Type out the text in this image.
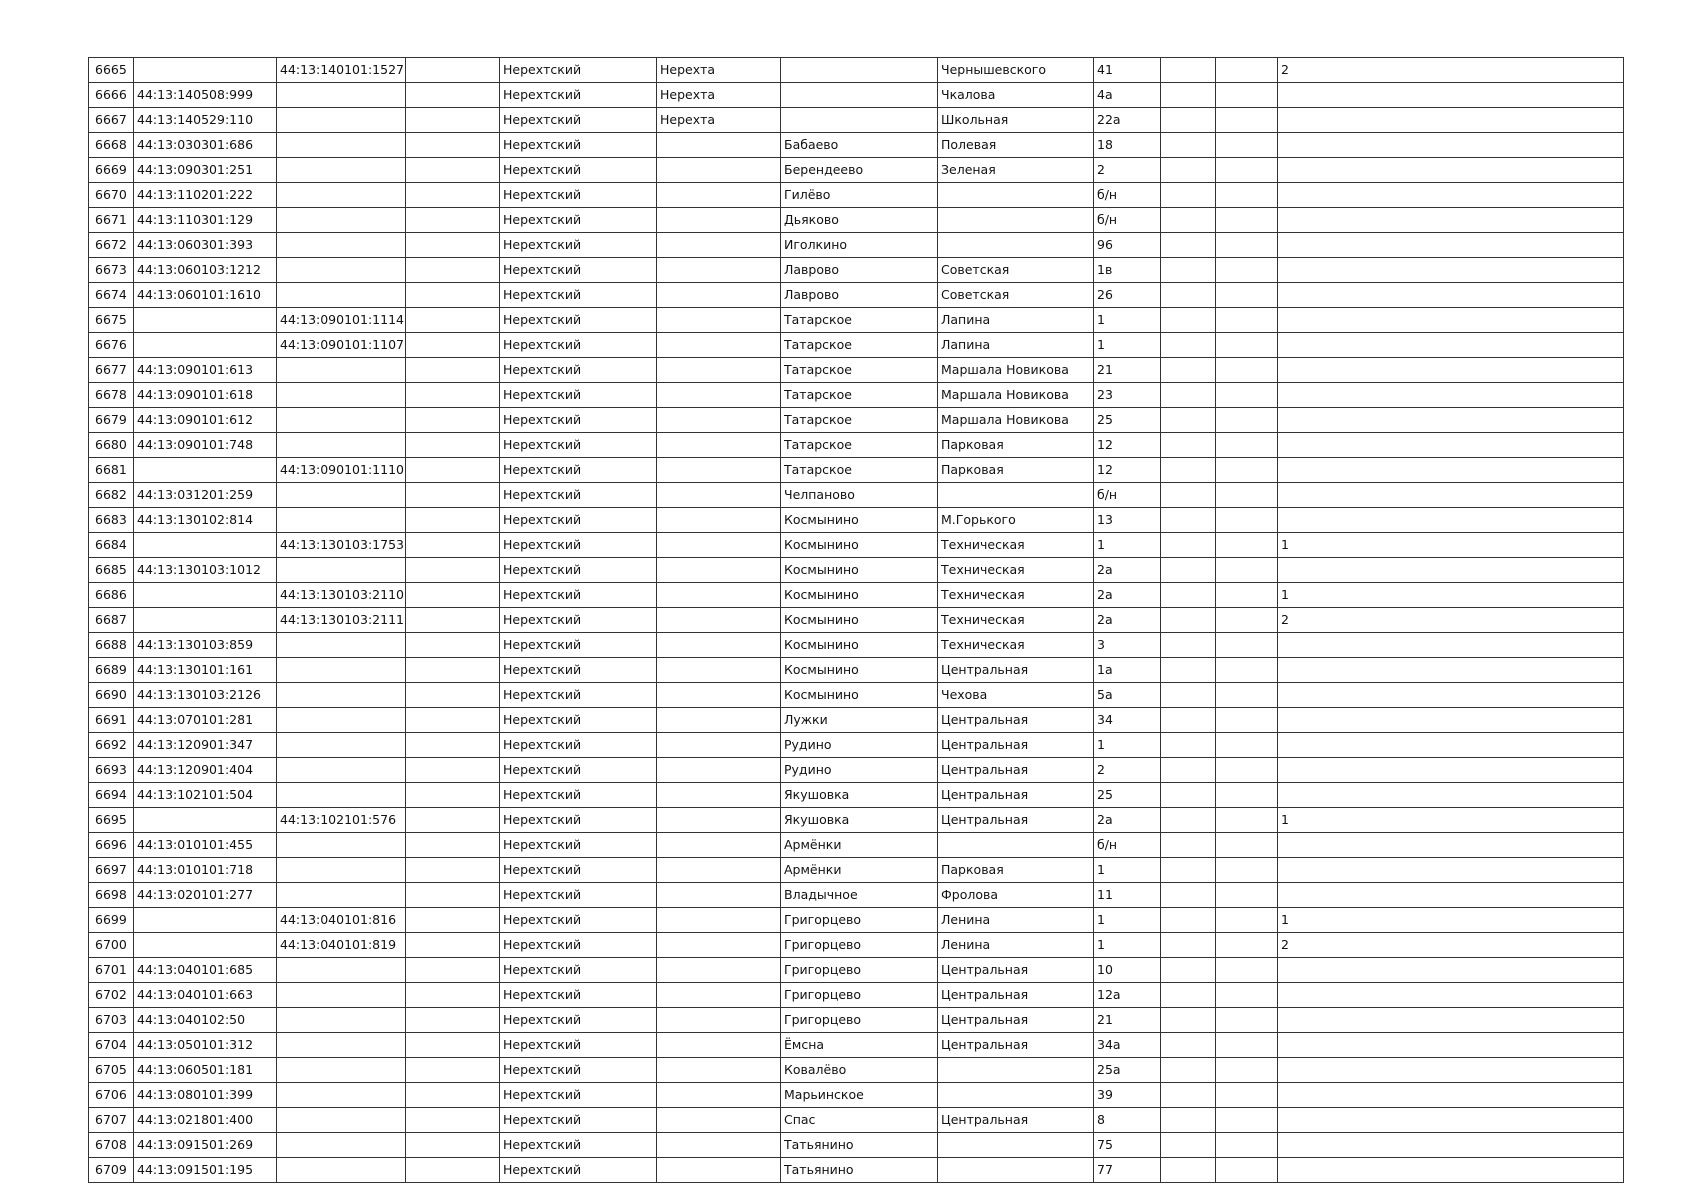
6665		44:13:140101:1527		Нерехтский	Нерехта		Чернышевского	41			2
6666	44:13:140508:999			Нерехтский	Нерехта		Чкалова	4а			
6667	44:13:140529:110			Нерехтский	Нерехта		Школьная	22а			
6668	44:13:030301:686			Нерехтский		Бабаево	Полевая	18			
6669	44:13:090301:251			Нерехтский		Берендеево	Зеленая	2			
6670	44:13:110201:222			Нерехтский		Гилёво		б/н			
6671	44:13:110301:129			Нерехтский		Дьяково		б/н			
6672	44:13:060301:393			Нерехтский		Иголкино		96			
6673	44:13:060103:1212			Нерехтский		Лаврово	Советская	1в			
6674	44:13:060101:1610			Нерехтский		Лаврово	Советская	26			
6675		44:13:090101:1114		Нерехтский		Татарское	Лапина	1			
6676		44:13:090101:1107		Нерехтский		Татарское	Лапина	1			
6677	44:13:090101:613			Нерехтский		Татарское	Маршала Новикова	21			
6678	44:13:090101:618			Нерехтский		Татарское	Маршала Новикова	23			
6679	44:13:090101:612			Нерехтский		Татарское	Маршала Новикова	25			
6680	44:13:090101:748			Нерехтский		Татарское	Парковая	12			
6681		44:13:090101:1110		Нерехтский		Татарское	Парковая	12			
6682	44:13:031201:259			Нерехтский		Челпаново		б/н			
6683	44:13:130102:814			Нерехтский		Космынино	М.Горького	13			
6684		44:13:130103:1753		Нерехтский		Космынино	Техническая	1			1
6685	44:13:130103:1012			Нерехтский		Космынино	Техническая	2а			
6686		44:13:130103:2110		Нерехтский		Космынино	Техническая	2а			1
6687		44:13:130103:2111		Нерехтский		Космынино	Техническая	2а			2
6688	44:13:130103:859			Нерехтский		Космынино	Техническая	3			
6689	44:13:130101:161			Нерехтский		Космынино	Центральная	1а			
6690	44:13:130103:2126			Нерехтский		Космынино	Чехова	5а			
6691	44:13:070101:281			Нерехтский		Лужки	Центральная	34			
6692	44:13:120901:347			Нерехтский		Рудино	Центральная	1			
6693	44:13:120901:404			Нерехтский		Рудино	Центральная	2			
6694	44:13:102101:504			Нерехтский		Якушовка	Центральная	25			
6695		44:13:102101:576		Нерехтский		Якушовка	Центральная	2а			1
6696	44:13:010101:455			Нерехтский		Армёнки		б/н			
6697	44:13:010101:718			Нерехтский		Армёнки	Парковая	1			
6698	44:13:020101:277			Нерехтский		Владычное	Фролова	11			
6699		44:13:040101:816		Нерехтский		Григорцево	Ленина	1			1
6700		44:13:040101:819		Нерехтский		Григорцево	Ленина	1			2
6701	44:13:040101:685			Нерехтский		Григорцево	Центральная	10			
6702	44:13:040101:663			Нерехтский		Григорцево	Центральная	12а			
6703	44:13:040102:50			Нерехтский		Григорцево	Центральная	21			
6704	44:13:050101:312			Нерехтский		Ёмсна	Центральная	34а			
6705	44:13:060501:181			Нерехтский		Ковалёво		25а			
6706	44:13:080101:399			Нерехтский		Марьинское		39			
6707	44:13:021801:400			Нерехтский		Спас	Центральная	8			
6708	44:13:091501:269			Нерехтский		Татьянино		75			
6709	44:13:091501:195			Нерехтский		Татьянино		77			
